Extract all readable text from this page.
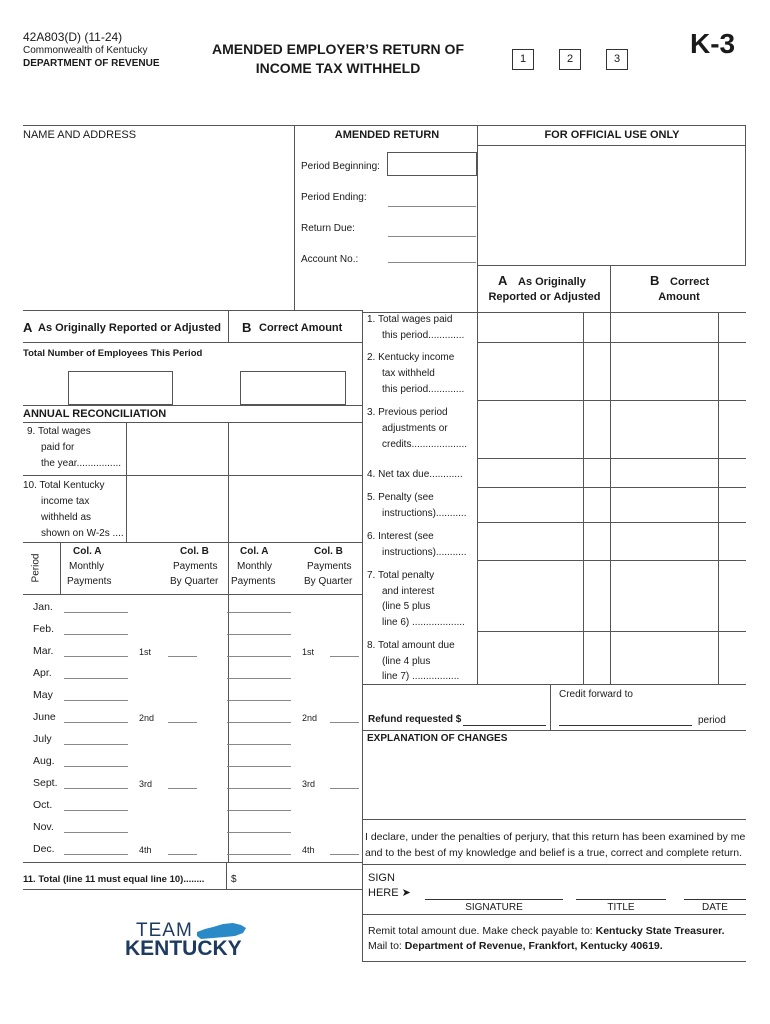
42A803(D) (11-24)
Commonwealth of Kentucky
DEPARTMENT OF REVENUE
AMENDED EMPLOYER’S RETURN OF
INCOME TAX WITHHELD
1	2	3 K-3
NAME AND ADDRESS	AMENDED RETURN	FOR OFFICIAL USE ONLY
Period Beginning:
Period Ending:
Return Due:
Account No.:
A As Originally
Reported or Adjusted
B Correct
Amount
1. Total wages paid
this period.............
2. Kentucky income
tax withheld
this period.............
3. Previous period
adjustments or
credits....................
4. Net tax due............
5. Penalty (see
instructions)...........
6. Interest (see
instructions)...........
7. Total penalty
and interest
(line 5 plus
line 6) ...................
8. Total amount due
(line 4 plus
line 7) .................
Credit forward to
Refund requested $	period
EXPLANATION OF CHANGES
I declare, under the penalties of perjury, that this return has been examined by me
and to the best of my knowledge and belief is a true, correct and complete return.
SIGN
HERE ➤
SIGNATURE	TITLE	DATE
Remit total amount due. Make check payable to: Kentucky State Treasurer.
Mail to: Department of Revenue, Frankfort, Kentucky 40619.
A As Originally Reported or Adjusted B Correct Amount
Total Number of Employees This Period
ANNUAL RECONCILIATION
9. Total wages
paid for
the year................
10. Total Kentucky
income tax
withheld as
shown on W-2s ....
Period
Col. A
Monthly
Payments
Col. B
Payments
By Quarter
Col. A
Monthly
Payments
Col. B
Payments
By Quarter
Jan.
Feb.
Mar.	1st	1st
Apr.
May
June	2nd	2nd
July
Aug.
Sept.	3rd	3rd
Oct.
Nov.
Dec.	4th	4th
11. Total (line 11 must equal line 10)........	$
TEAM
KENTUCKY
